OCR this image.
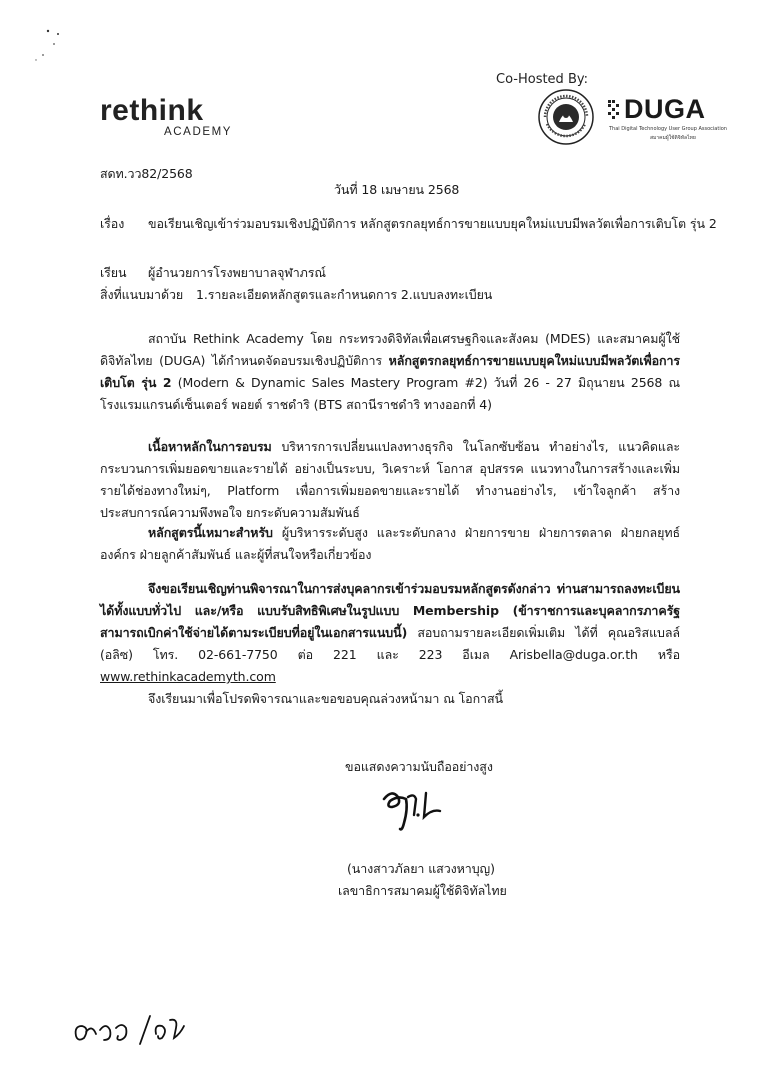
Co-Hosted By:
rethink
ACADEMY
DUGA
Thai Digital Technology User Group Association
สมาคมผู้ใช้ดิจิทัลไทย
สดท.วว82/2568
วันที่ 18 เมษายน 2568
เรื่อง ขอเรียนเชิญเข้าร่วมอบรมเชิงปฏิบัติการ หลักสูตรกลยุทธ์การขายแบบยุคใหม่แบบมีพลวัตเพื่อการเติบโต รุ่น 2
เรียน ผู้อำนวยการโรงพยาบาลจุฬาภรณ์
สิ่งที่แนบมาด้วย 1.รายละเอียดหลักสูตรและกำหนดการ 2.แบบลงทะเบียน
สถาบัน Rethink Academy โดย กระทรวงดิจิทัลเพื่อเศรษฐกิจและสังคม (MDES) และสมาคมผู้ใช้ดิจิทัลไทย (DUGA) ได้กำหนดจัดอบรมเชิงปฏิบัติการ หลักสูตรกลยุทธ์การขายแบบยุคใหม่แบบมีพลวัตเพื่อการเติบโต รุ่น 2 (Modern & Dynamic Sales Mastery Program #2) วันที่ 26 - 27 มิถุนายน 2568 ณ โรงแรมแกรนด์เซ็นเตอร์ พอยต์ ราชดำริ (BTS สถานีราชดำริ ทางออกที่ 4)
เนื้อหาหลักในการอบรม บริหารการเปลี่ยนแปลงทางธุรกิจ ในโลกซับซ้อน ทำอย่างไร, แนวคิดและกระบวนการเพิ่มยอดขายและรายได้ อย่างเป็นระบบ, วิเคราะห์ โอกาส อุปสรรค แนวทางในการสร้างและเพิ่มรายได้ช่องทางใหม่ๆ, Platform เพื่อการเพิ่มยอดขายและรายได้ ทำงานอย่างไร, เข้าใจลูกค้า สร้างประสบการณ์ความพึงพอใจ ยกระดับความสัมพันธ์
หลักสูตรนี้เหมาะสำหรับ ผู้บริหารระดับสูง และระดับกลาง ฝ่ายการขาย ฝ่ายการตลาด ฝ่ายกลยุทธ์องค์กร ฝ่ายลูกค้าสัมพันธ์ และผู้ที่สนใจหรือเกี่ยวข้อง
จึงขอเรียนเชิญท่านพิจารณาในการส่งบุคลากรเข้าร่วมอบรมหลักสูตรดังกล่าว ท่านสามารถลงทะเบียนได้ทั้งแบบทั่วไป และ/หรือ แบบรับสิทธิพิเศษในรูปแบบ Membership (ข้าราชการและบุคลากรภาครัฐ สามารถเบิกค่าใช้จ่ายได้ตามระเบียบที่อยู่ในเอกสารแนบนี้) สอบถามรายละเอียดเพิ่มเติม ได้ที่ คุณอริสแบลล์ (อลิซ) โทร. 02-661-7750 ต่อ 221 และ 223 อีเมล Arisbella@duga.or.th หรือ www.rethinkacademyth.com
จึงเรียนมาเพื่อโปรดพิจารณาและขอขอบคุณล่วงหน้ามา ณ โอกาสนี้
ขอแสดงความนับถืออย่างสูง
(นางสาวภัลยา แสวงหาบุญ)
เลขาธิการสมาคมผู้ใช้ดิจิทัลไทย
